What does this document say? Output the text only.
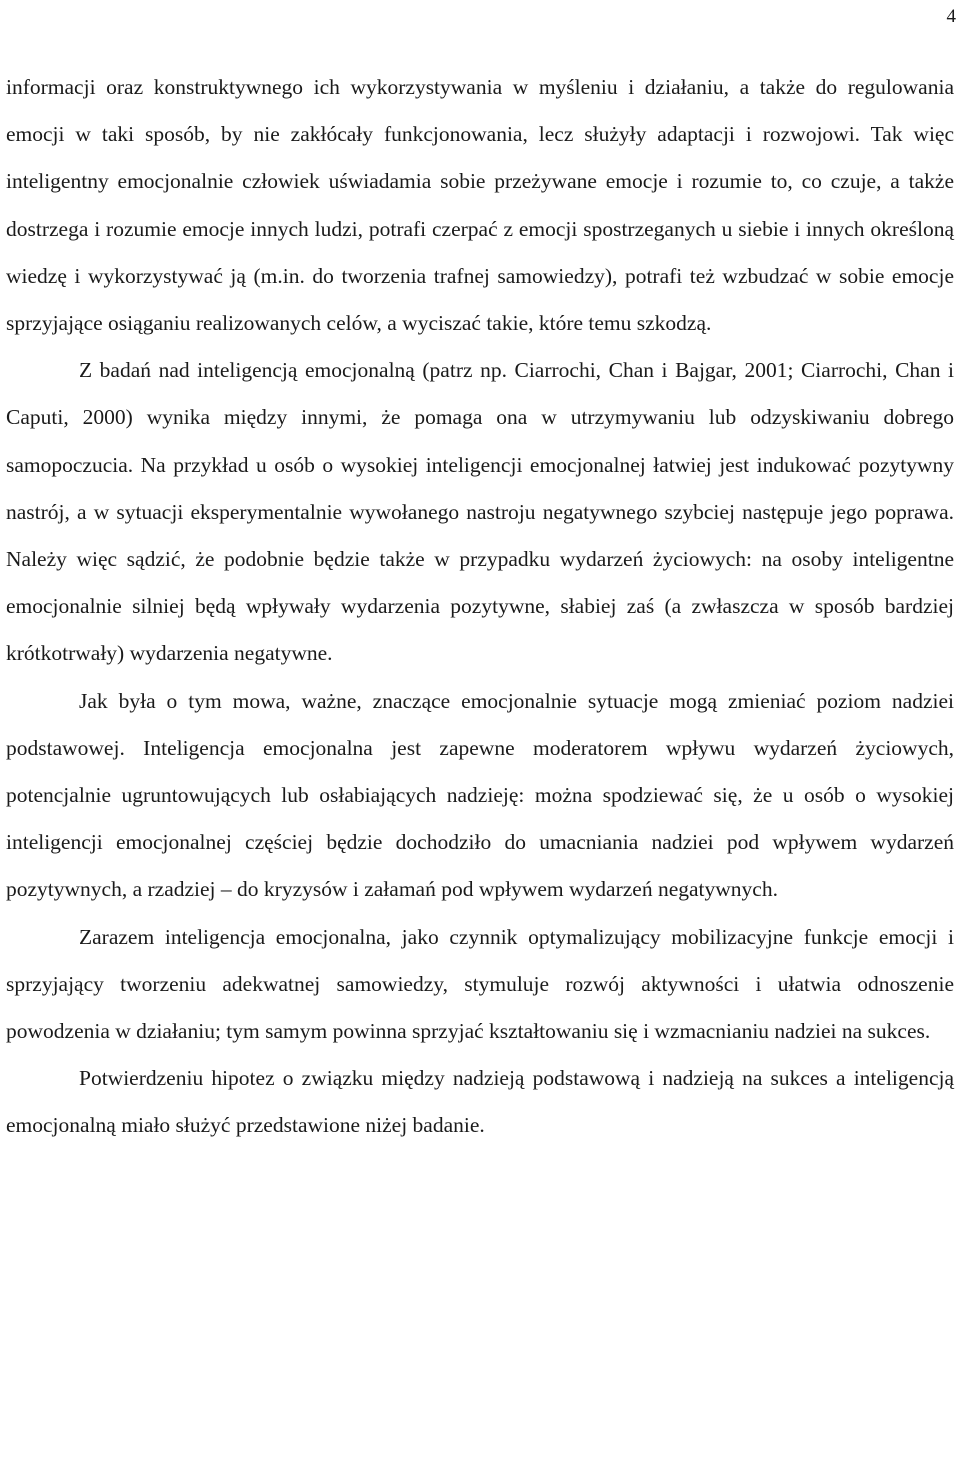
4

informacji oraz konstruktywnego ich wykorzystywania w myśleniu i działaniu, a także do regulowania emocji w taki sposób, by nie zakłócały funkcjonowania, lecz służyły adaptacji i rozwojowi. Tak więc inteligentny emocjonalnie człowiek uświadamia sobie przeżywane emocje i rozumie to, co czuje, a także dostrzega i rozumie emocje innych ludzi, potrafi czerpać z emocji spostrzeganych u siebie i innych określoną wiedzę i wykorzystywać ją (m.in. do tworzenia trafnej samowiedzy), potrafi też wzbudzać w sobie emocje sprzyjające osiąganiu realizowanych celów, a wyciszać takie, które temu szkodzą.

Z badań nad inteligencją emocjonalną (patrz np. Ciarrochi, Chan i Bajgar, 2001; Ciarrochi, Chan i Caputi, 2000) wynika między innymi, że pomaga ona w utrzymywaniu lub odzyskiwaniu dobrego samopoczucia. Na przykład u osób o wysokiej inteligencji emocjonalnej łatwiej jest indukować pozytywny nastrój, a w sytuacji eksperymentalnie wywołanego nastroju negatywnego szybciej następuje jego poprawa. Należy więc sądzić, że podobnie będzie także w przypadku wydarzeń życiowych: na osoby inteligentne emocjonalnie silniej będą wpływały wydarzenia pozytywne, słabiej zaś (a zwłaszcza w sposób bardziej krótkotrwały) wydarzenia negatywne.

Jak była o tym mowa, ważne, znaczące emocjonalnie sytuacje mogą zmieniać poziom nadziei podstawowej. Inteligencja emocjonalna jest zapewne moderatorem wpływu wydarzeń życiowych, potencjalnie ugruntowujących lub osłabiających nadzieję: można spodziewać się, że u osób o wysokiej inteligencji emocjonalnej częściej będzie dochodziło do umacniania nadziei pod wpływem wydarzeń pozytywnych, a rzadziej – do kryzysów i załamań pod wpływem wydarzeń negatywnych.

Zarazem inteligencja emocjonalna, jako czynnik optymalizujący mobilizacyjne funkcje emocji i sprzyjający tworzeniu adekwatnej samowiedzy, stymuluje rozwój aktywności i ułatwia odnoszenie powodzenia w działaniu; tym samym powinna sprzyjać kształtowaniu się i wzmacnianiu nadziei na sukces.

Potwierdzeniu hipotez o związku między nadzieją podstawową i nadzieją na sukces a inteligencją emocjonalną miało służyć przedstawione niżej badanie.
